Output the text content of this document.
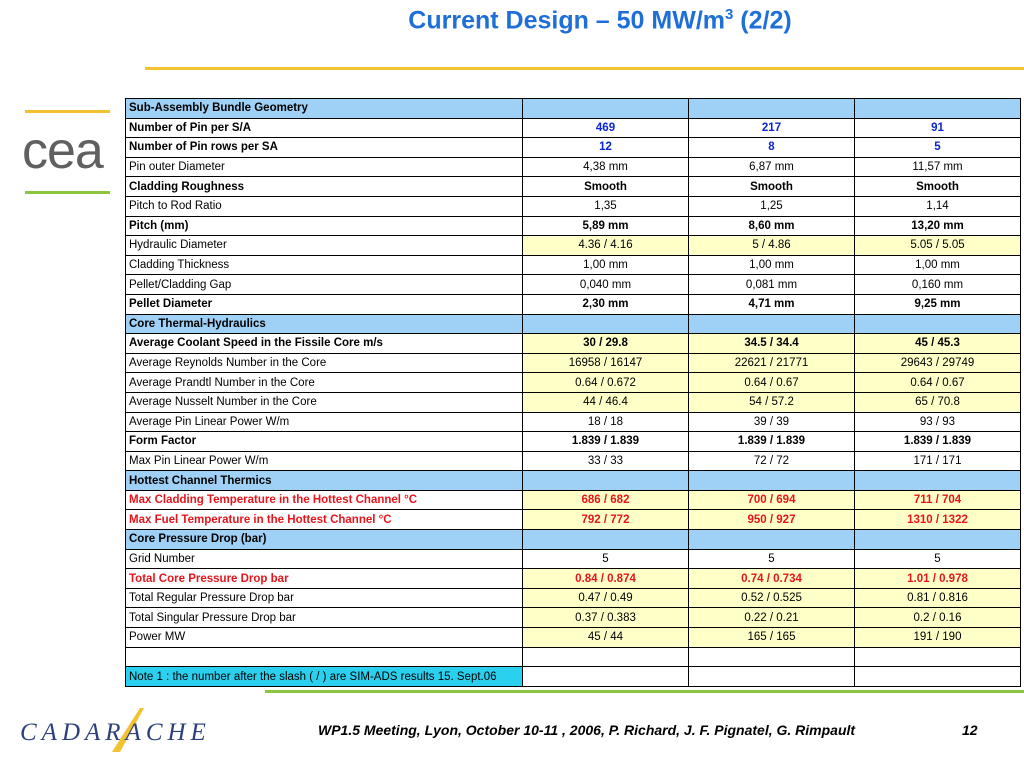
Current Design – 50 $MW/m^3$ (2/2)
cea
Sub-Assembly Bundle Geometry			
Number of Pin per S/A	469	217	91
Number of Pin rows per SA	12	8	5
Pin outer Diameter	4,38 mm	6,87 mm	11,57 mm
Cladding Roughness	Smooth	Smooth	Smooth
Pitch to Rod Ratio	1,35	1,25	1,14
Pitch (mm)	5,89 mm	8,60 mm	13,20 mm
Hydraulic Diameter	4.36 / 4.16	5 / 4.86	5.05 / 5.05
Cladding Thickness	1,00 mm	1,00 mm	1,00 mm
Pellet/Cladding Gap	0,040 mm	0,081 mm	0,160 mm
Pellet Diameter	2,30 mm	4,71 mm	9,25 mm
Core Thermal-Hydraulics			
Average Coolant Speed in the Fissile Core m/s	30 / 29.8	34.5 / 34.4	45 / 45.3
Average Reynolds Number in the Core	16958 / 16147	22621 / 21771	29643 / 29749
Average Prandtl Number in the Core	0.64 / 0.672	0.64 / 0.67	0.64 / 0.67
Average Nusselt Number in the Core	44 / 46.4	54 / 57.2	65 / 70.8
Average Pin Linear Power W/m	18 / 18	39 / 39	93 / 93
Form Factor	1.839 / 1.839	1.839 / 1.839	1.839 / 1.839
Max Pin Linear Power W/m	33 / 33	72 / 72	171 / 171
Hottest Channel Thermics			
Max Cladding Temperature in the Hottest Channel °C	686 / 682	700 / 694	711 / 704
Max Fuel Temperature in the Hottest Channel °C	792 / 772	950 / 927	1310 / 1322
Core Pressure Drop (bar)			
Grid Number	5	5	5
Total Core Pressure Drop bar	0.84 / 0.874	0.74 / 0.734	1.01 / 0.978
Total Regular Pressure Drop bar	0.47 / 0.49	0.52 / 0.525	0.81 / 0.816
Total Singular Pressure Drop bar	0.37 / 0.383	0.22 / 0.21	0.2 / 0.16
Power MW	45 / 44	165 / 165	191 / 190

Note 1 : the number after the slash ( / ) are SIM-ADS results 15. Sept.06			
CADARACHE	WP1.5 Meeting, Lyon, October 10-11 , 2006, P. Richard, J. F. Pignatel, G. Rimpault	12
